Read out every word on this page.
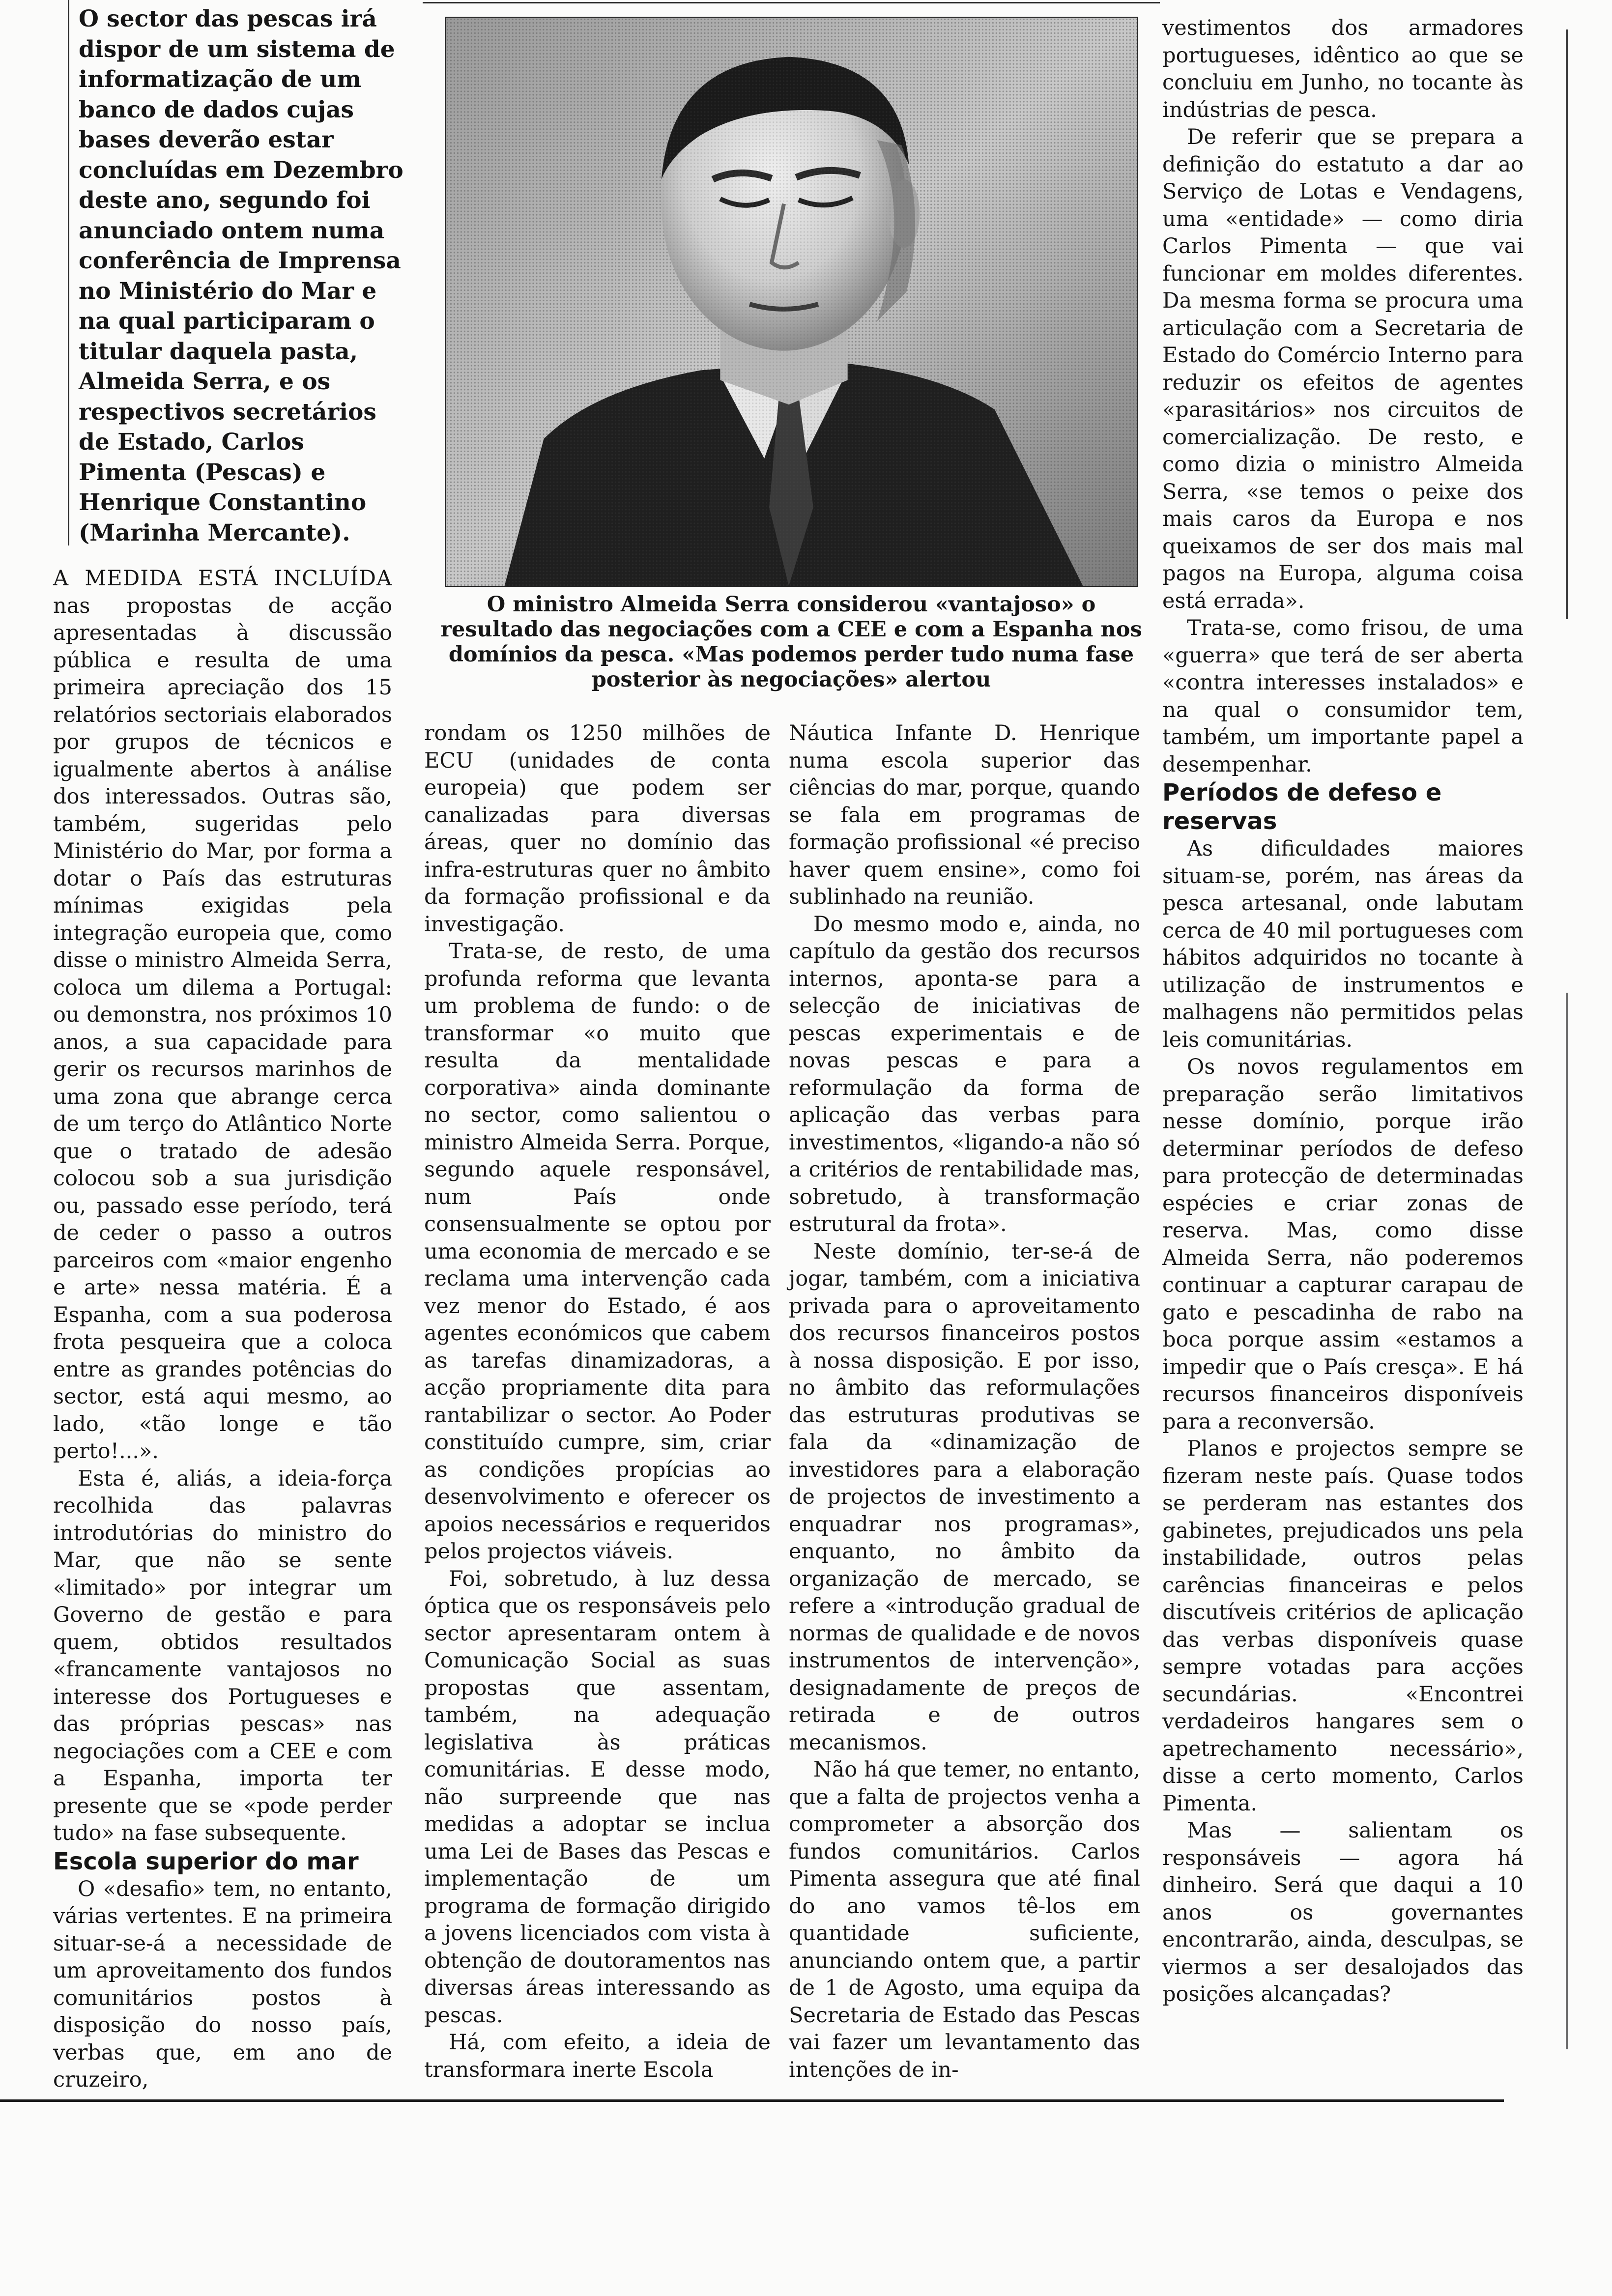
O sector das pescas irá dispor de um sistema de informatização de um banco de dados cujas bases deverão estar concluídas em Dezembro deste ano, segundo foi anunciado ontem numa conferência de Imprensa no Ministério do Mar e na qual participaram o titular daquela pasta, Almeida Serra, e os respectivos secretários de Estado, Carlos Pimenta (Pescas) e Henrique Constantino (Marinha Mercante).

O ministro Almeida Serra considerou «vantajoso» o resultado das negociações com a CEE e com a Espanha nos domínios da pesca. «Mas podemos perder tudo numa fase posterior às negociações» alertou

A MEDIDA ESTÁ INCLUÍDA nas propostas de acção apresentadas à discussão pública e resulta de uma primeira apreciação dos 15 relatórios sectoriais elaborados por grupos de técnicos e igualmente abertos à análise dos interessados. Outras são, também, sugeridas pelo Ministério do Mar, por forma a dotar o País das estruturas mínimas exigidas pela integração europeia que, como disse o ministro Almeida Serra, coloca um dilema a Portugal: ou demonstra, nos próximos 10 anos, a sua capacidade para gerir os recursos marinhos de uma zona que abrange cerca de um terço do Atlântico Norte que o tratado de adesão colocou sob a sua jurisdição ou, passado esse período, terá de ceder o passo a outros parceiros com «maior engenho e arte» nessa matéria. É a Espanha, com a sua poderosa frota pesqueira que a coloca entre as grandes potências do sector, está aqui mesmo, ao lado, «tão longe e tão perto!...».

Esta é, aliás, a ideia-força recolhida das palavras introdutórias do ministro do Mar, que não se sente «limitado» por integrar um Governo de gestão e para quem, obtidos resultados «francamente vantajosos no interesse dos Portugueses e das próprias pescas» nas negociações com a CEE e com a Espanha, importa ter presente que se «pode perder tudo» na fase subsequente.

Escola superior do mar

O «desafio» tem, no entanto, várias vertentes. E na primeira situar-se-á a necessidade de um aproveitamento dos fundos comunitários postos à disposição do nosso país, verbas que, em ano de cruzeiro,

rondam os 1250 milhões de ECU (unidades de conta europeia) que podem ser canalizadas para diversas áreas, quer no domínio das infra-estruturas quer no âmbito da formação profissional e da investigação.

Trata-se, de resto, de uma profunda reforma que levanta um problema de fundo: o de transformar «o muito que resulta da mentalidade corporativa» ainda dominante no sector, como salientou o ministro Almeida Serra. Porque, segundo aquele responsável, num País onde consensualmente se optou por uma economia de mercado e se reclama uma intervenção cada vez menor do Estado, é aos agentes económicos que cabem as tarefas dinamizadoras, a acção propriamente dita para rantabilizar o sector. Ao Poder constituído cumpre, sim, criar as condições propícias ao desenvolvimento e oferecer os apoios necessários e requeridos pelos projectos viáveis.

Foi, sobretudo, à luz dessa óptica que os responsáveis pelo sector apresentaram ontem à Comunicação Social as suas propostas que assentam, também, na adequação legislativa às práticas comunitárias. E desse modo, não surpreende que nas medidas a adoptar se inclua uma Lei de Bases das Pescas e implementação de um programa de formação dirigido a jovens licenciados com vista à obtenção de doutoramentos nas diversas áreas interessando as pescas.

Há, com efeito, a ideia de transformara inerte Escola

Náutica Infante D. Henrique numa escola superior das ciências do mar, porque, quando se fala em programas de formação profissional «é preciso haver quem ensine», como foi sublinhado na reunião.

Do mesmo modo e, ainda, no capítulo da gestão dos recursos internos, aponta-se para a selecção de iniciativas de pescas experimentais e de novas pescas e para a reformulação da forma de aplicação das verbas para investimentos, «ligando-a não só a critérios de rentabilidade mas, sobretudo, à transformação estrutural da frota».

Neste domínio, ter-se-á de jogar, também, com a iniciativa privada para o aproveitamento dos recursos financeiros postos à nossa disposição. E por isso, no âmbito das reformulações das estruturas produtivas se fala da «dinamização de investidores para a elaboração de projectos de investimento a enquadrar nos programas», enquanto, no âmbito da organização de mercado, se refere a «introdução gradual de normas de qualidade e de novos instrumentos de intervenção», designadamente de preços de retirada e de outros mecanismos.

Não há que temer, no entanto, que a falta de projectos venha a comprometer a absorção dos fundos comunitários. Carlos Pimenta assegura que até final do ano vamos tê-los em quantidade suficiente, anunciando ontem que, a partir de 1 de Agosto, uma equipa da Secretaria de Estado das Pescas vai fazer um levantamento das intenções de in-

vestimentos dos armadores portugueses, idêntico ao que se concluiu em Junho, no tocante às indústrias de pesca.

De referir que se prepara a definição do estatuto a dar ao Serviço de Lotas e Vendagens, uma «entidade» — como diria Carlos Pimenta — que vai funcionar em moldes diferentes. Da mesma forma se procura uma articulação com a Secretaria de Estado do Comércio Interno para reduzir os efeitos de agentes «parasitários» nos circuitos de comercialização. De resto, e como dizia o ministro Almeida Serra, «se temos o peixe dos mais caros da Europa e nos queixamos de ser dos mais mal pagos na Europa, alguma coisa está errada».

Trata-se, como frisou, de uma «guerra» que terá de ser aberta «contra interesses instalados» e na qual o consumidor tem, também, um importante papel a desempenhar.

Períodos de defeso e reservas

As dificuldades maiores situam-se, porém, nas áreas da pesca artesanal, onde labutam cerca de 40 mil portugueses com hábitos adquiridos no tocante à utilização de instrumentos e malhagens não permitidos pelas leis comunitárias.

Os novos regulamentos em preparação serão limitativos nesse domínio, porque irão determinar períodos de defeso para protecção de determinadas espécies e criar zonas de reserva. Mas, como disse Almeida Serra, não poderemos continuar a capturar carapau de gato e pescadinha de rabo na boca porque assim «estamos a impedir que o País cresça». E há recursos financeiros disponíveis para a reconversão.

Planos e projectos sempre se fizeram neste país. Quase todos se perderam nas estantes dos gabinetes, prejudicados uns pela instabilidade, outros pelas carências financeiras e pelos discutíveis critérios de aplicação das verbas disponíveis quase sempre votadas para acções secundárias. «Encontrei verdadeiros hangares sem o apetrechamento necessário», disse a certo momento, Carlos Pimenta.

Mas — salientam os responsáveis — agora há dinheiro. Será que daqui a 10 anos os governantes encontrarão, ainda, desculpas, se viermos a ser desalojados das posições alcançadas?
